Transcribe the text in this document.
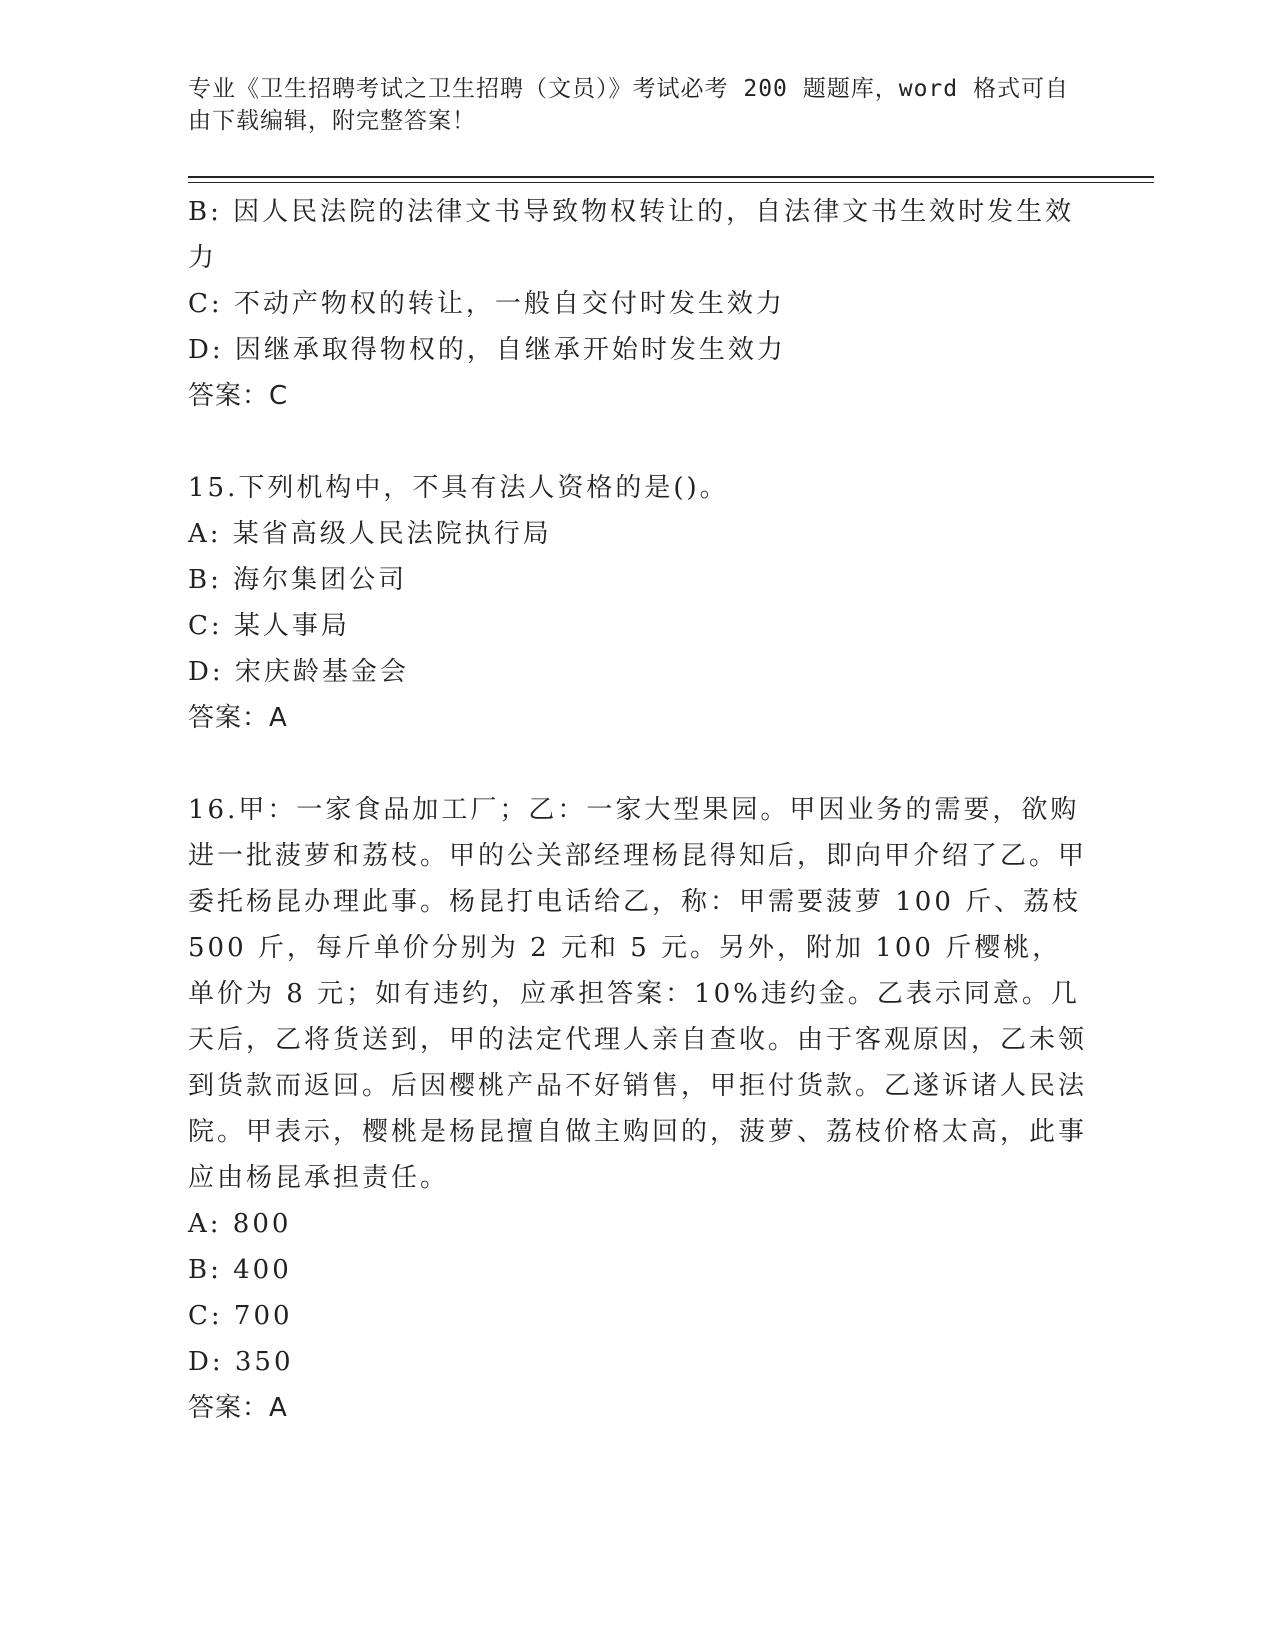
专业《卫生招聘考试之卫生招聘（文员）》考试必考 200 题题库，word 格式可自由下载编辑，附完整答案！
B: 因人民法院的法律文书导致物权转让的，自法律文书生效时发生效力
C: 不动产物权的转让，一般自交付时发生效力
D: 因继承取得物权的，自继承开始时发生效力
答案：C
15.下列机构中，不具有法人资格的是()。
A: 某省高级人民法院执行局
B: 海尔集团公司
C: 某人事局
D: 宋庆龄基金会
答案：A
16.甲：一家食品加工厂；乙：一家大型果园。甲因业务的需要，欲购进一批菠萝和荔枝。甲的公关部经理杨昆得知后，即向甲介绍了乙。甲委托杨昆办理此事。杨昆打电话给乙，称：甲需要菠萝 100 斤、荔枝 500 斤，每斤单价分别为 2 元和 5 元。另外，附加 100 斤樱桃，单价为 8 元；如有违约，应承担答案：10%违约金。乙表示同意。几天后，乙将货送到，甲的法定代理人亲自查收。由于客观原因，乙未领到货款而返回。后因樱桃产品不好销售，甲拒付货款。乙遂诉诸人民法院。甲表示，樱桃是杨昆擅自做主购回的，菠萝、荔枝价格太高，此事应由杨昆承担责任。
A: 800
B: 400
C: 700
D: 350
答案：A
